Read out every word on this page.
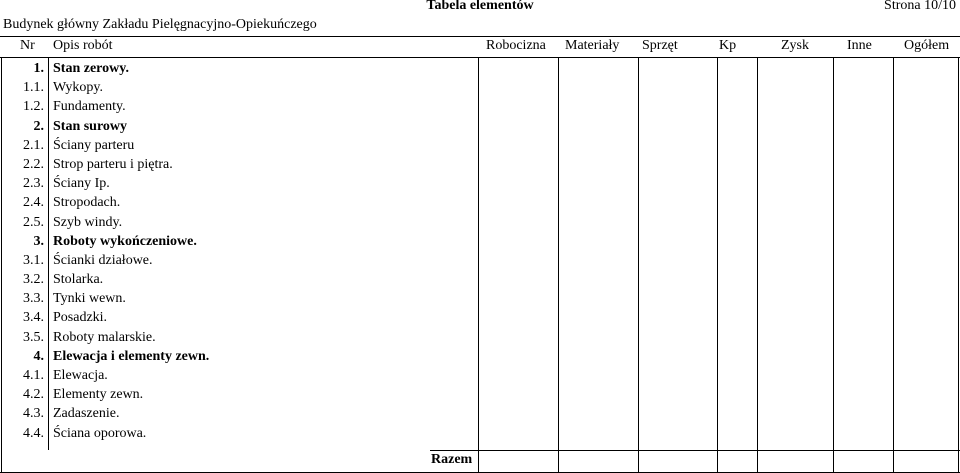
Tabela elementów	Strona 10/10
Budynek główny Zakładu Pielęgnacyjno-Opiekuńczego
Nr Opis robót	Robocizna Materiały Sprzęt	Kp	Zysk	Inne Ogółem
1. Stan zerowy.
1.1. Wykopy.
1.2. Fundamenty.
2. Stan surowy
2.1. Ściany parteru
2.2. Strop parteru i piętra.
2.3. Ściany Ip.
2.4. Stropodach.
2.5. Szyb windy.
3. Roboty wykończeniowe.
3.1. Ścianki działowe.
3.2. Stolarka.
3.3. Tynki wewn.
3.4. Posadzki.
3.5. Roboty malarskie.
4. Elewacja i elementy zewn.
4.1. Elewacja.
4.2. Elementy zewn.
4.3. Zadaszenie.
4.4. Ściana oporowa.
Razem
